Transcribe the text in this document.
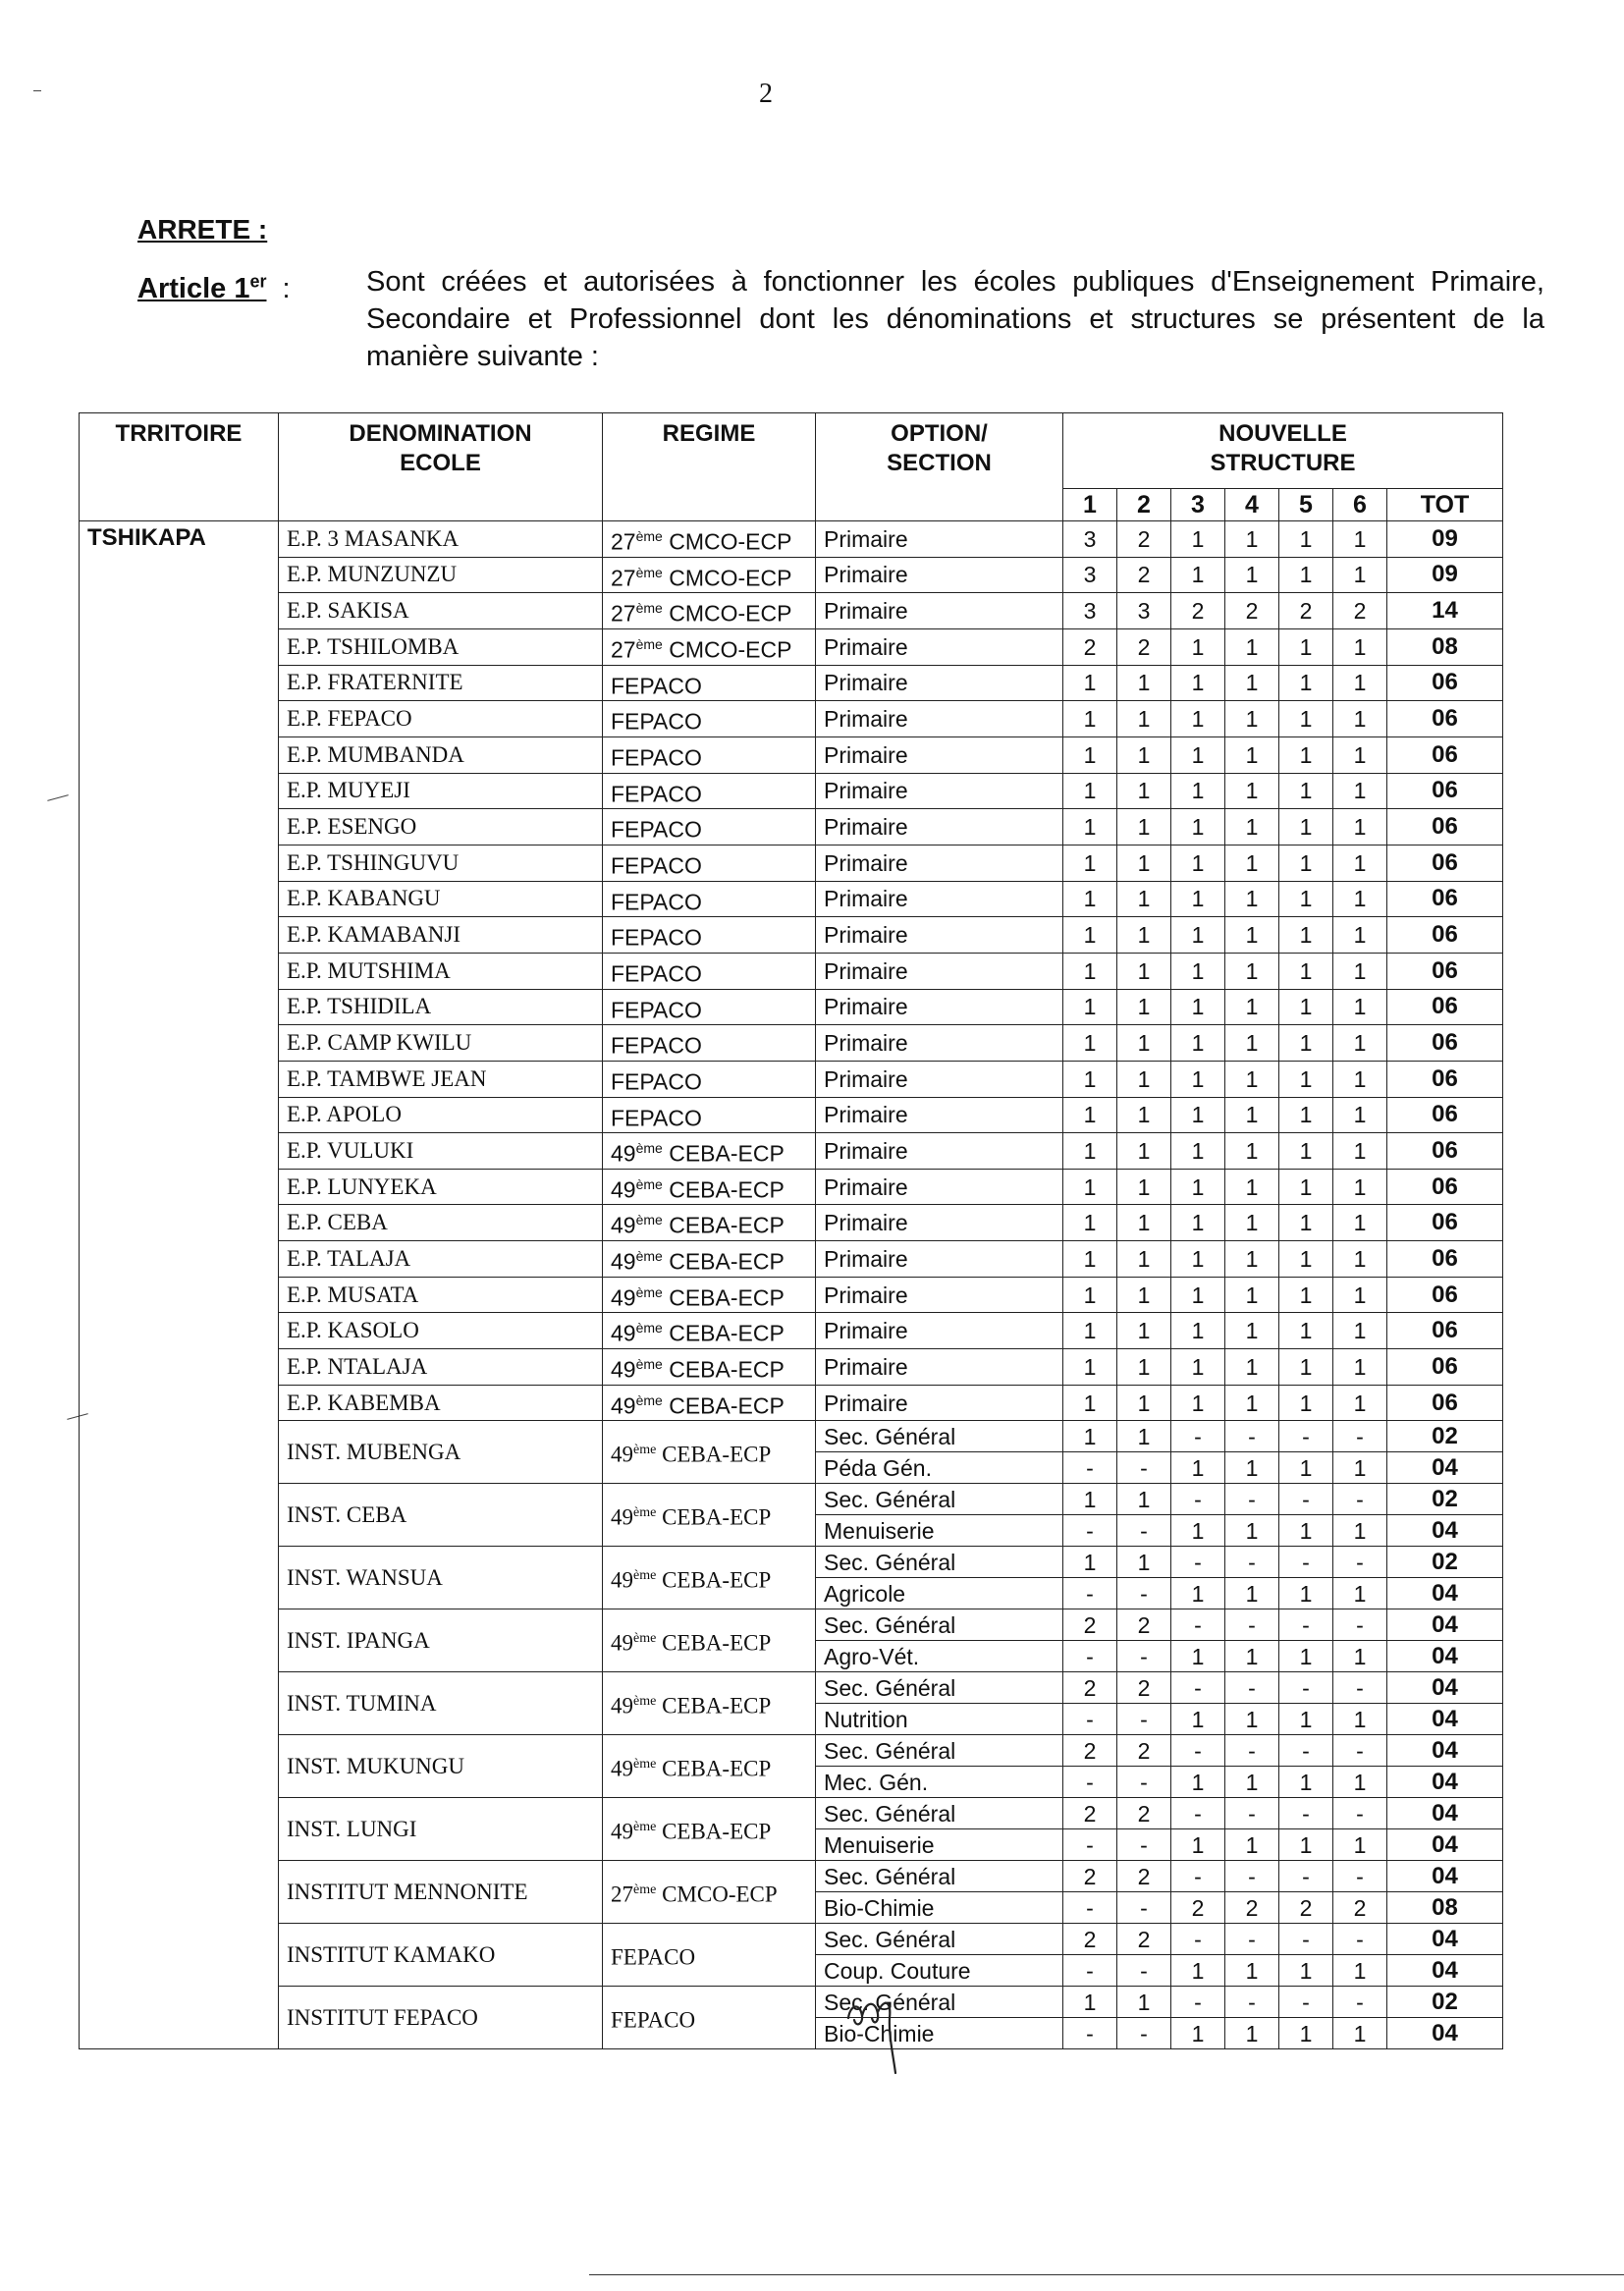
2
ARRETE :
Article 1er :	Sont créées et autorisées à fonctionner les écoles publiques d'Enseignement Primaire, Secondaire et Professionnel dont les dénominations et structures se présentent de la manière suivante :
TRRITOIRE	DENOMINATION ECOLE	REGIME	OPTION/ SECTION	NOUVELLE STRUCTURE						
				1	2	3	4	5	6	TOT
TSHIKAPA	E.P. 3 MASANKA	27ème CMCO-ECP	Primaire	3	2	1	1	1	1	09
	E.P. MUNZUNZU	27ème CMCO-ECP	Primaire	3	2	1	1	1	1	09
	E.P. SAKISA	27ème CMCO-ECP	Primaire	3	3	2	2	2	2	14
	E.P. TSHILOMBA	27ème CMCO-ECP	Primaire	2	2	1	1	1	1	08
	E.P. FRATERNITE	FEPACO	Primaire	1	1	1	1	1	1	06
	E.P. FEPACO	FEPACO	Primaire	1	1	1	1	1	1	06
	E.P. MUMBANDA	FEPACO	Primaire	1	1	1	1	1	1	06
	E.P. MUYEJI	FEPACO	Primaire	1	1	1	1	1	1	06
	E.P. ESENGO	FEPACO	Primaire	1	1	1	1	1	1	06
	E.P. TSHINGUVU	FEPACO	Primaire	1	1	1	1	1	1	06
	E.P. KABANGU	FEPACO	Primaire	1	1	1	1	1	1	06
	E.P. KAMABANJI	FEPACO	Primaire	1	1	1	1	1	1	06
	E.P. MUTSHIMA	FEPACO	Primaire	1	1	1	1	1	1	06
	E.P. TSHIDILA	FEPACO	Primaire	1	1	1	1	1	1	06
	E.P. CAMP KWILU	FEPACO	Primaire	1	1	1	1	1	1	06
	E.P. TAMBWE JEAN	FEPACO	Primaire	1	1	1	1	1	1	06
	E.P. APOLO	FEPACO	Primaire	1	1	1	1	1	1	06
	E.P. VULUKI	49ème CEBA-ECP	Primaire	1	1	1	1	1	1	06
	E.P. LUNYEKA	49ème CEBA-ECP	Primaire	1	1	1	1	1	1	06
	E.P. CEBA	49ème CEBA-ECP	Primaire	1	1	1	1	1	1	06
	E.P. TALAJA	49ème CEBA-ECP	Primaire	1	1	1	1	1	1	06
	E.P. MUSATA	49ème CEBA-ECP	Primaire	1	1	1	1	1	1	06
	E.P. KASOLO	49ème CEBA-ECP	Primaire	1	1	1	1	1	1	06
	E.P. NTALAJA	49ème CEBA-ECP	Primaire	1	1	1	1	1	1	06
	E.P. KABEMBA	49ème CEBA-ECP	Primaire	1	1	1	1	1	1	06
	INST. MUBENGA	49ème CEBA-ECP	Sec. Général	1	1	-	-	-	-	02
			Péda Gén.	-	-	1	1	1	1	04
	INST. CEBA	49ème CEBA-ECP	Sec. Général	1	1	-	-	-	-	02
			Menuiserie	-	-	1	1	1	1	04
	INST. WANSUA	49ème CEBA-ECP	Sec. Général	1	1	-	-	-	-	02
			Agricole	-	-	1	1	1	1	04
	INST. IPANGA	49ème CEBA-ECP	Sec. Général	2	2	-	-	-	-	04
			Agro-Vét.	-	-	1	1	1	1	04
	INST. TUMINA	49ème CEBA-ECP	Sec. Général	2	2	-	-	-	-	04
			Nutrition	-	-	1	1	1	1	04
	INST. MUKUNGU	49ème CEBA-ECP	Sec. Général	2	2	-	-	-	-	04
			Mec. Gén.	-	-	1	1	1	1	04
	INST. LUNGI	49ème CEBA-ECP	Sec. Général	2	2	-	-	-	-	04
			Menuiserie	-	-	1	1	1	1	04
	INSTITUT MENNONITE	27ème CMCO-ECP	Sec. Général	2	2	-	-	-	-	04
			Bio-Chimie	-	-	2	2	2	2	08
	INSTITUT KAMAKO	FEPACO	Sec. Général	2	2	-	-	-	-	04
			Coup. Couture	-	-	1	1	1	1	04
	INSTITUT FEPACO	FEPACO	Sec. Général	1	1	-	-	-	-	02
			Bio-Chimie	-	-	1	1	1	1	04
